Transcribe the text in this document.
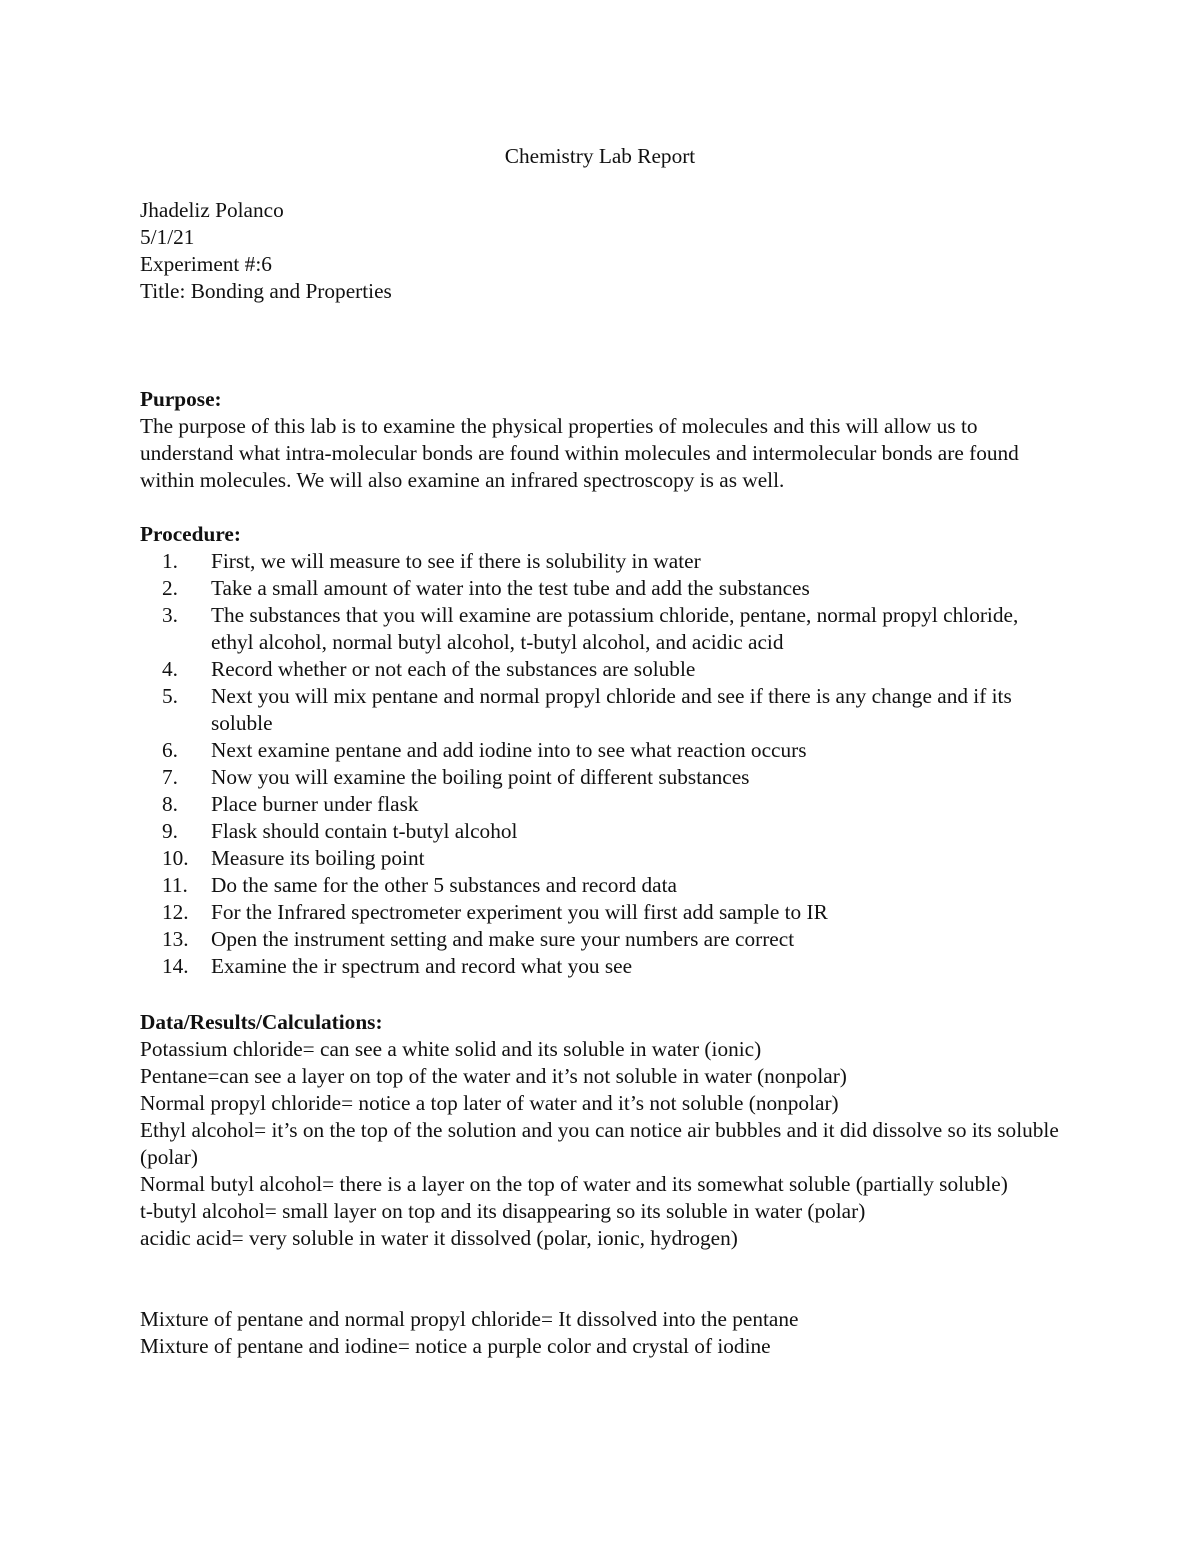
Chemistry Lab Report
Jhadeliz Polanco
5/1/21
Experiment #:6
Title: Bonding and Properties
Purpose:

The purpose of this lab is to examine the physical properties of molecules and this will allow us to understand what intra-molecular bonds are found within molecules and intermolecular bonds are found within molecules. We will also examine an infrared spectroscopy is as well.

Procedure:
1.	First, we will measure to see if there is solubility in water
2.	Take a small amount of water into the test tube and add the substances
3.	The substances that you will examine are potassium chloride, pentane, normal propyl chloride, ethyl alcohol, normal butyl alcohol, t-butyl alcohol, and acidic acid
4.	Record whether or not each of the substances are soluble
5.	Next you will mix pentane and normal propyl chloride and see if there is any change and if its soluble
6.	Next examine pentane and add iodine into to see what reaction occurs
7.	Now you will examine the boiling point of different substances
8.	Place burner under flask
9.	Flask should contain t-butyl alcohol
10.	Measure its boiling point
11.	Do the same for the other 5 substances and record data
12.	For the Infrared spectrometer experiment you will first add sample to IR
13.	Open the instrument setting and make sure your numbers are correct
14.	Examine the ir spectrum and record what you see
Data/Results/Calculations:

Potassium chloride= can see a white solid and its soluble in water (ionic)

Pentane=can see a layer on top of the water and it’s not soluble in water (nonpolar)

Normal propyl chloride= notice a top later of water and it’s not soluble (nonpolar)

Ethyl alcohol= it’s on the top of the solution and you can notice air bubbles and it did dissolve so its soluble (polar)

Normal butyl alcohol= there is a layer on the top of water and its somewhat soluble (partially soluble)

t-butyl alcohol= small layer on top and its disappearing so its soluble in water (polar)

acidic acid= very soluble in water it dissolved (polar, ionic, hydrogen)

Mixture of pentane and normal propyl chloride= It dissolved into the pentane

Mixture of pentane and iodine= notice a purple color and crystal of iodine
